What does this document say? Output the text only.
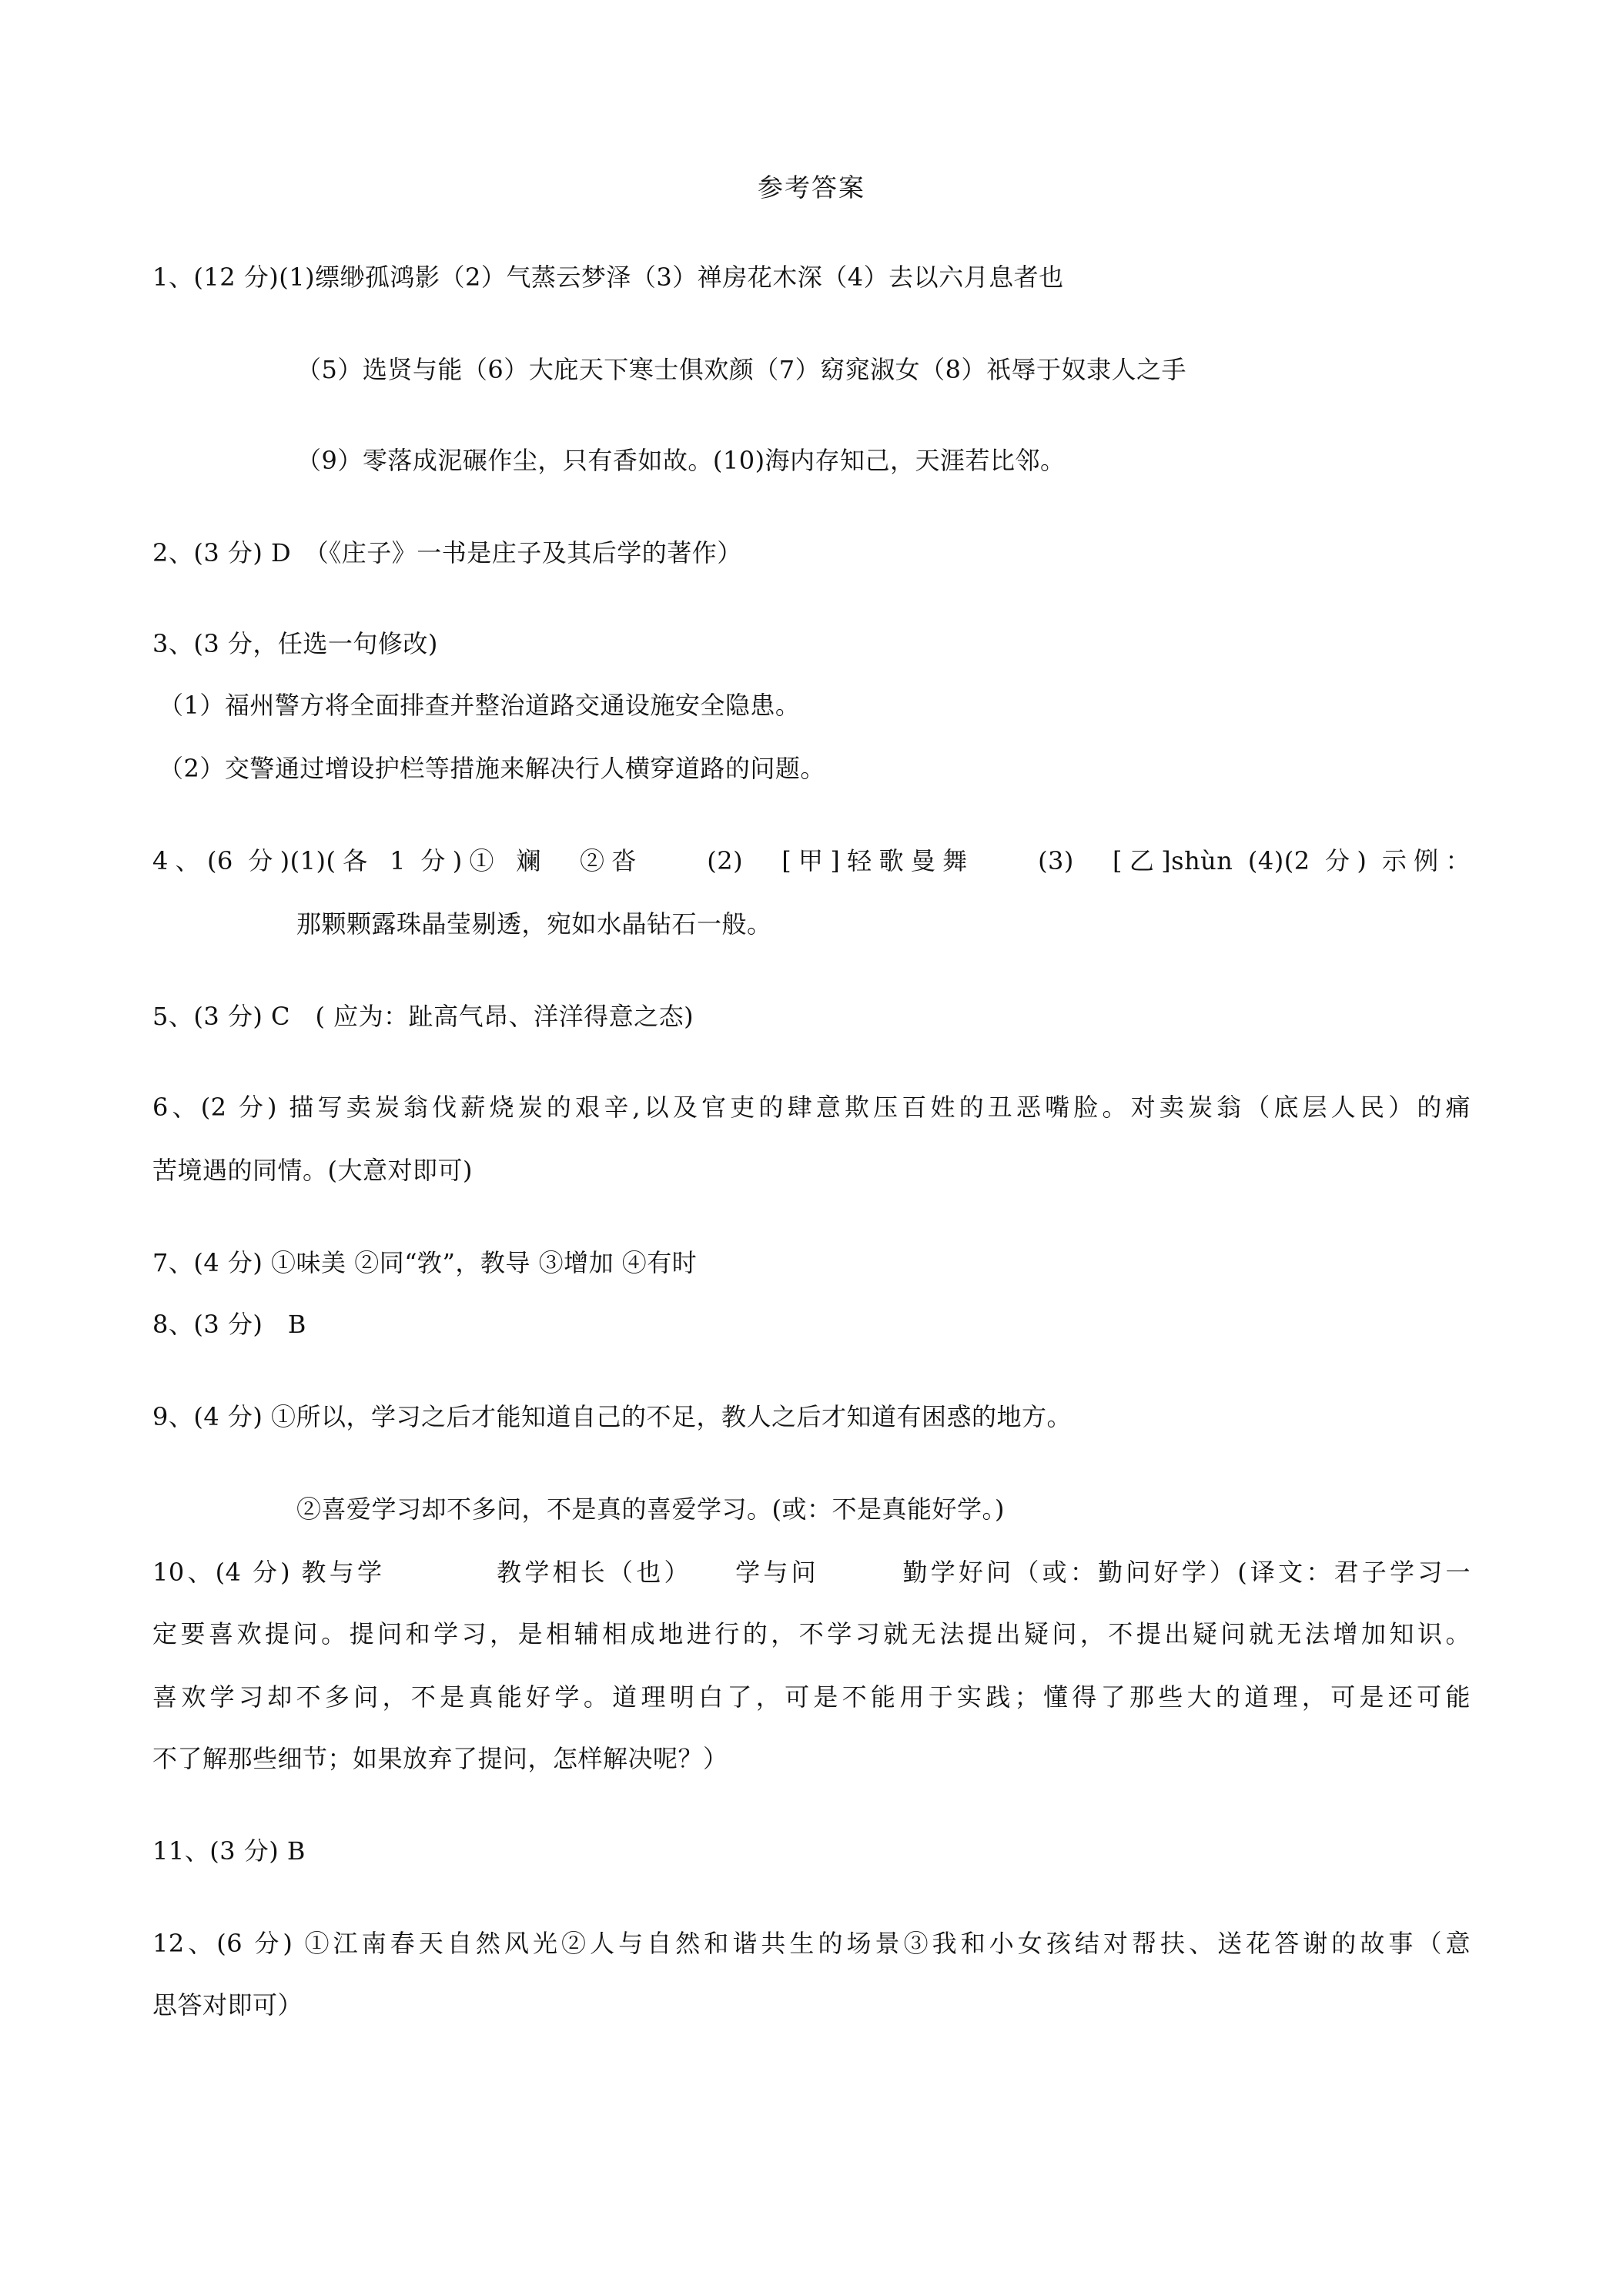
参考答案
1、(12 分)(1)缥缈孤鸿影（2）气蒸云梦泽（3）禅房花木深（4）去以六月息者也
（5）选贤与能（6）大庇天下寒士俱欢颜（7）窈窕淑女（8）祇辱于奴隶人之手
（9）零落成泥碾作尘，只有香如故。(10)海内存知己，天涯若比邻。
2、(3 分) D　（《庄子》一书是庄子及其后学的著作）
3、(3 分，任选一句修改)
（1）福州警方将全面排查并整治道路交通设施安全隐患。
（2）交警通过增设护栏等措施来解决行人横穿道路的问题。
4、(6 分)(1)(各 1 分)① 斓　②沓　　(2)　[甲]轻歌曼舞　　(3)　[乙]shùn (4)(2 分) 示例：
那颗颗露珠晶莹剔透，宛如水晶钻石一般。
5、(3 分) C　( 应为：趾高气昂、洋洋得意之态)
6、(2 分) 描写卖炭翁伐薪烧炭的艰辛,以及官吏的肆意欺压百姓的丑恶嘴脸。对卖炭翁（底层人民）的痛
苦境遇的同情。(大意对即可)
7、(4 分) ①味美 ②同“敩”，教导 ③增加 ④有时
8、(3 分)　B
9、(4 分) ①所以，学习之后才能知道自己的不足，教人之后才知道有困惑的地方。
②喜爱学习却不多问，不是真的喜爱学习。(或：不是真能好学。)
10、(4 分) 教与学　　　　教学相长（也）　　学与问　　　勤学好问（或：勤问好学）(译文：君子学习一
定要喜欢提问。提问和学习，是相辅相成地进行的，不学习就无法提出疑问，不提出疑问就无法增加知识。
喜欢学习却不多问，不是真能好学。道理明白了，可是不能用于实践；懂得了那些大的道理，可是还可能
不了解那些细节；如果放弃了提问，怎样解决呢？）
11、(3 分) B
12、(6 分) ①江南春天自然风光②人与自然和谐共生的场景③我和小女孩结对帮扶、送花答谢的故事（意
思答对即可）
